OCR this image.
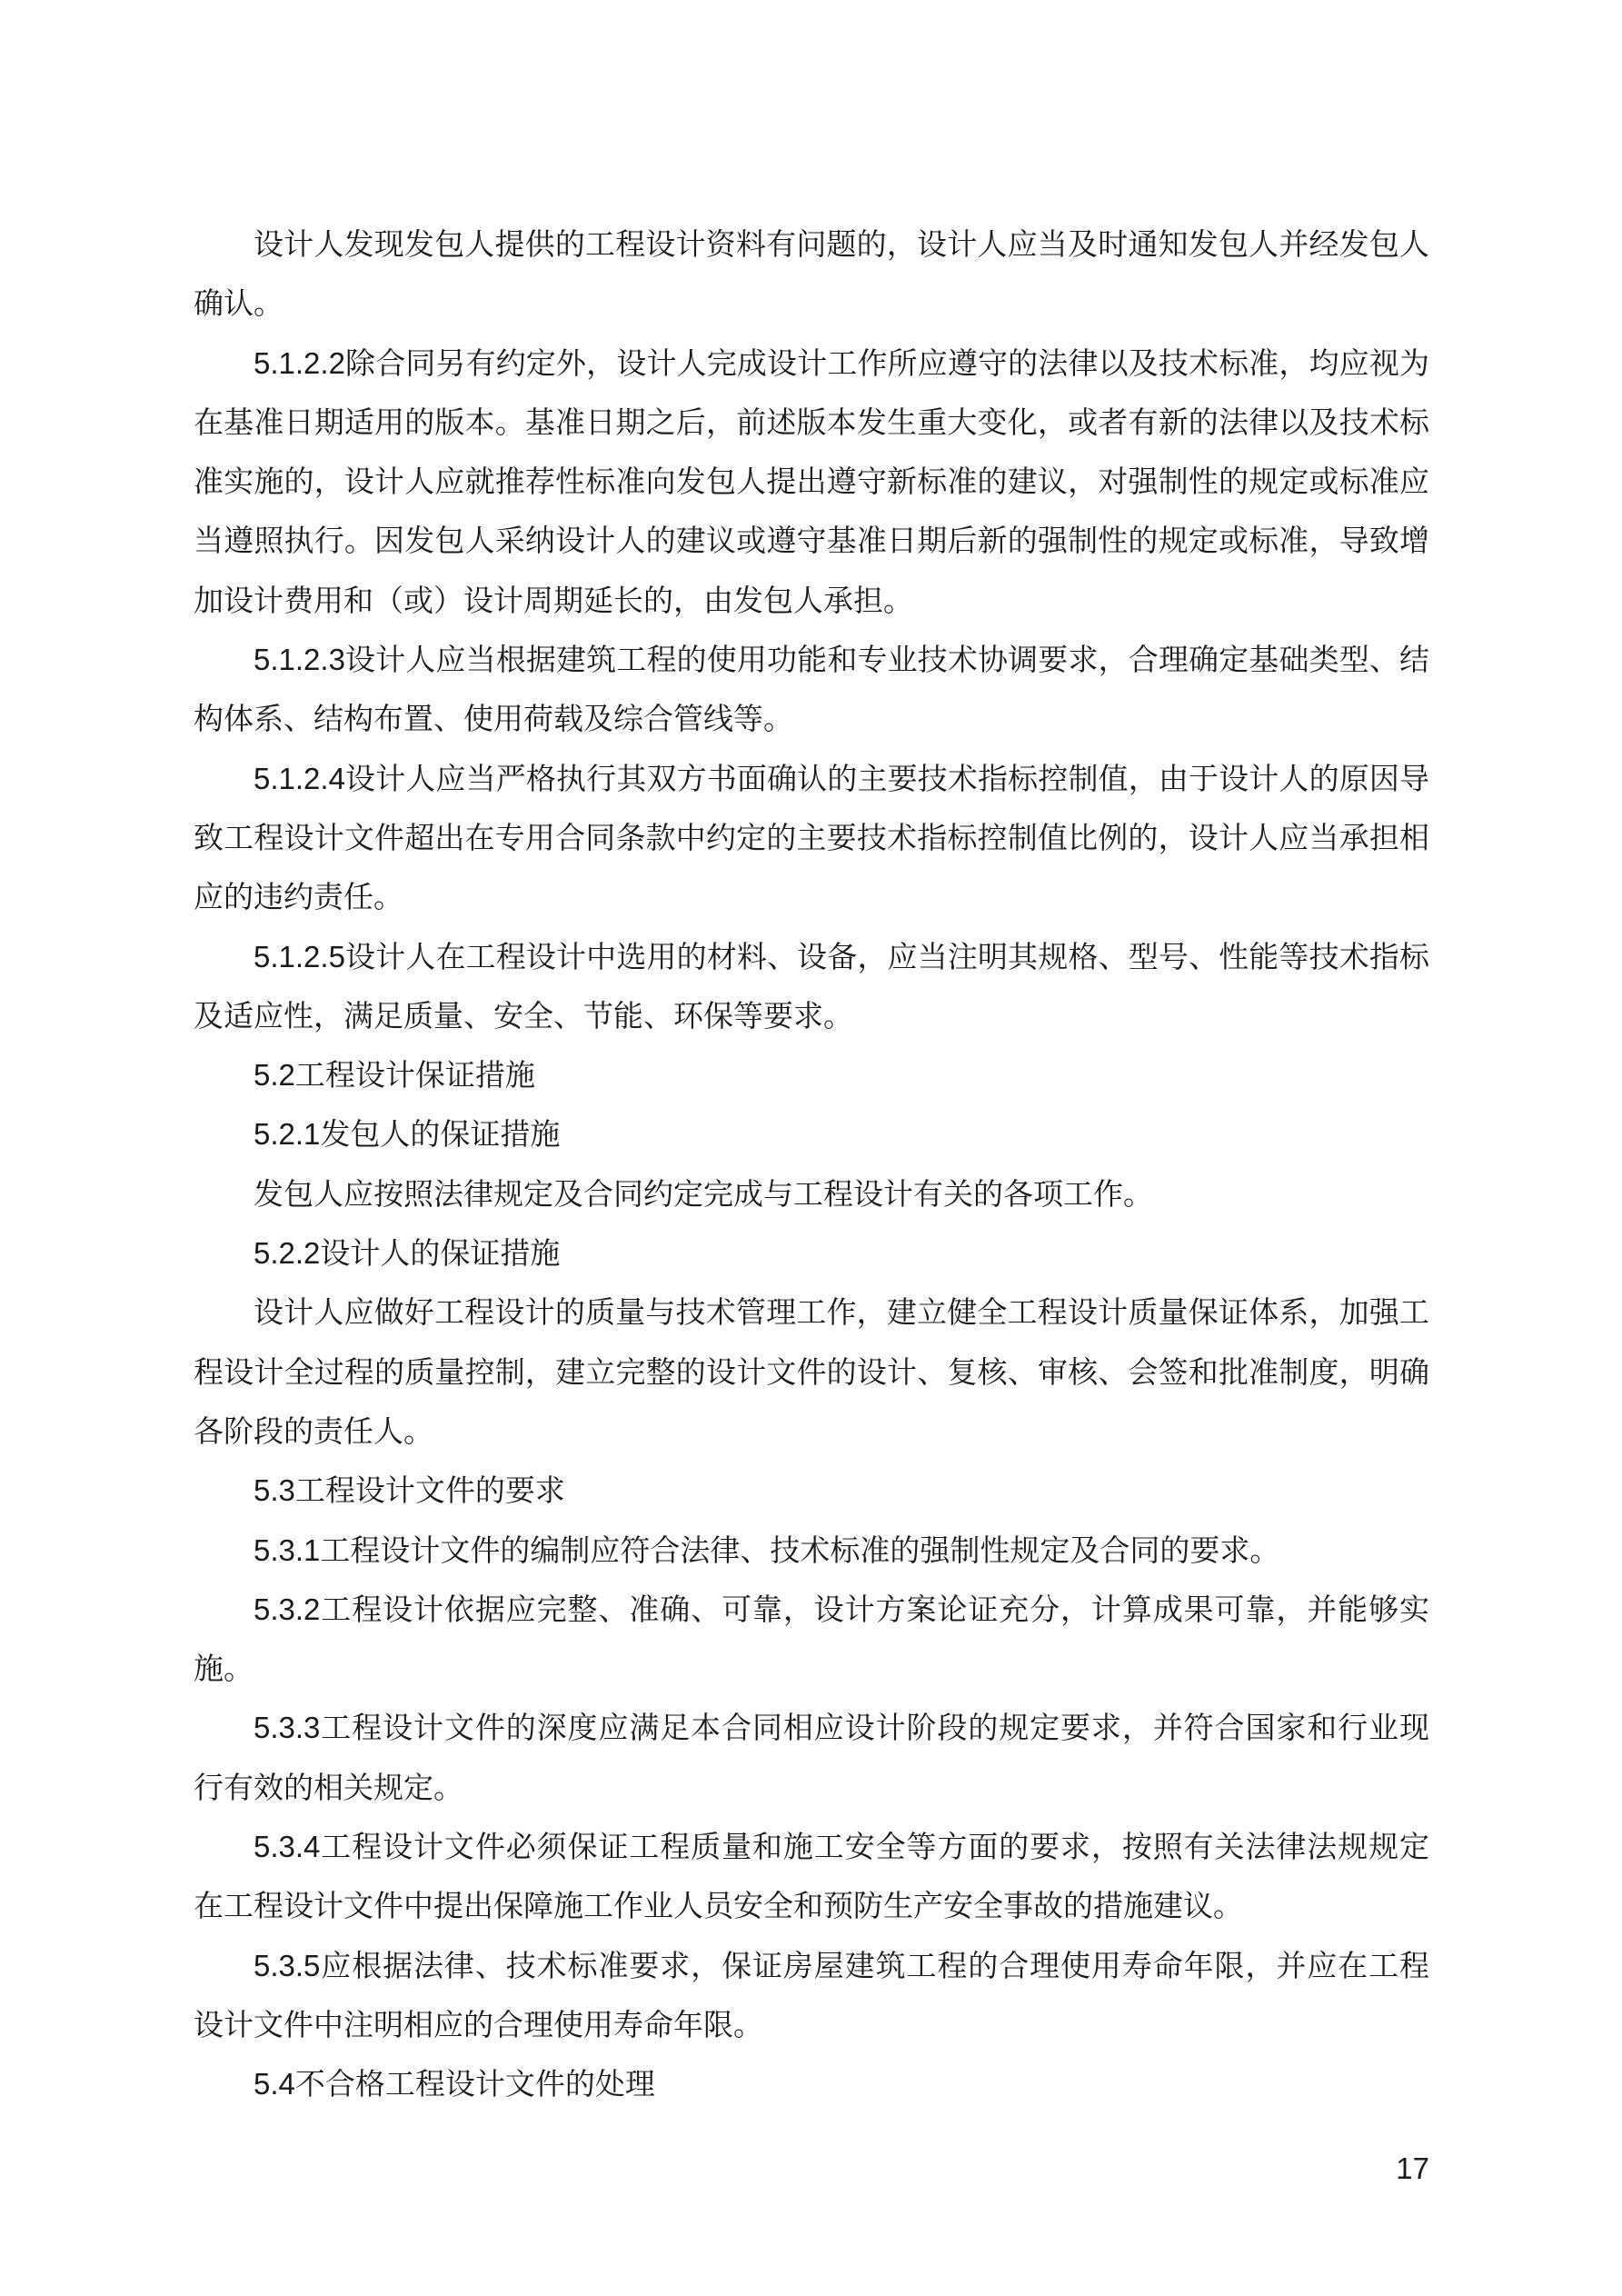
设计人发现发包人提供的工程设计资料有问题的，设计人应当及时通知发包人并经发包人确认。

5.1.2.2除合同另有约定外，设计人完成设计工作所应遵守的法律以及技术标准，均应视为在基准日期适用的版本。基准日期之后，前述版本发生重大变化，或者有新的法律以及技术标准实施的，设计人应就推荐性标准向发包人提出遵守新标准的建议，对强制性的规定或标准应当遵照执行。因发包人采纳设计人的建议或遵守基准日期后新的强制性的规定或标准，导致增加设计费用和（或）设计周期延长的，由发包人承担。

5.1.2.3设计人应当根据建筑工程的使用功能和专业技术协调要求，合理确定基础类型、结构体系、结构布置、使用荷载及综合管线等。

5.1.2.4设计人应当严格执行其双方书面确认的主要技术指标控制值，由于设计人的原因导致工程设计文件超出在专用合同条款中约定的主要技术指标控制值比例的，设计人应当承担相应的违约责任。

5.1.2.5设计人在工程设计中选用的材料、设备，应当注明其规格、型号、性能等技术指标及适应性，满足质量、安全、节能、环保等要求。

5.2工程设计保证措施

5.2.1发包人的保证措施

发包人应按照法律规定及合同约定完成与工程设计有关的各项工作。

5.2.2设计人的保证措施

设计人应做好工程设计的质量与技术管理工作，建立健全工程设计质量保证体系，加强工程设计全过程的质量控制，建立完整的设计文件的设计、复核、审核、会签和批准制度，明确各阶段的责任人。

5.3工程设计文件的要求

5.3.1工程设计文件的编制应符合法律、技术标准的强制性规定及合同的要求。

5.3.2工程设计依据应完整、准确、可靠，设计方案论证充分，计算成果可靠，并能够实施。

5.3.3工程设计文件的深度应满足本合同相应设计阶段的规定要求，并符合国家和行业现行有效的相关规定。

5.3.4工程设计文件必须保证工程质量和施工安全等方面的要求，按照有关法律法规规定在工程设计文件中提出保障施工作业人员安全和预防生产安全事故的措施建议。

5.3.5应根据法律、技术标准要求，保证房屋建筑工程的合理使用寿命年限，并应在工程设计文件中注明相应的合理使用寿命年限。

5.4不合格工程设计文件的处理

17
